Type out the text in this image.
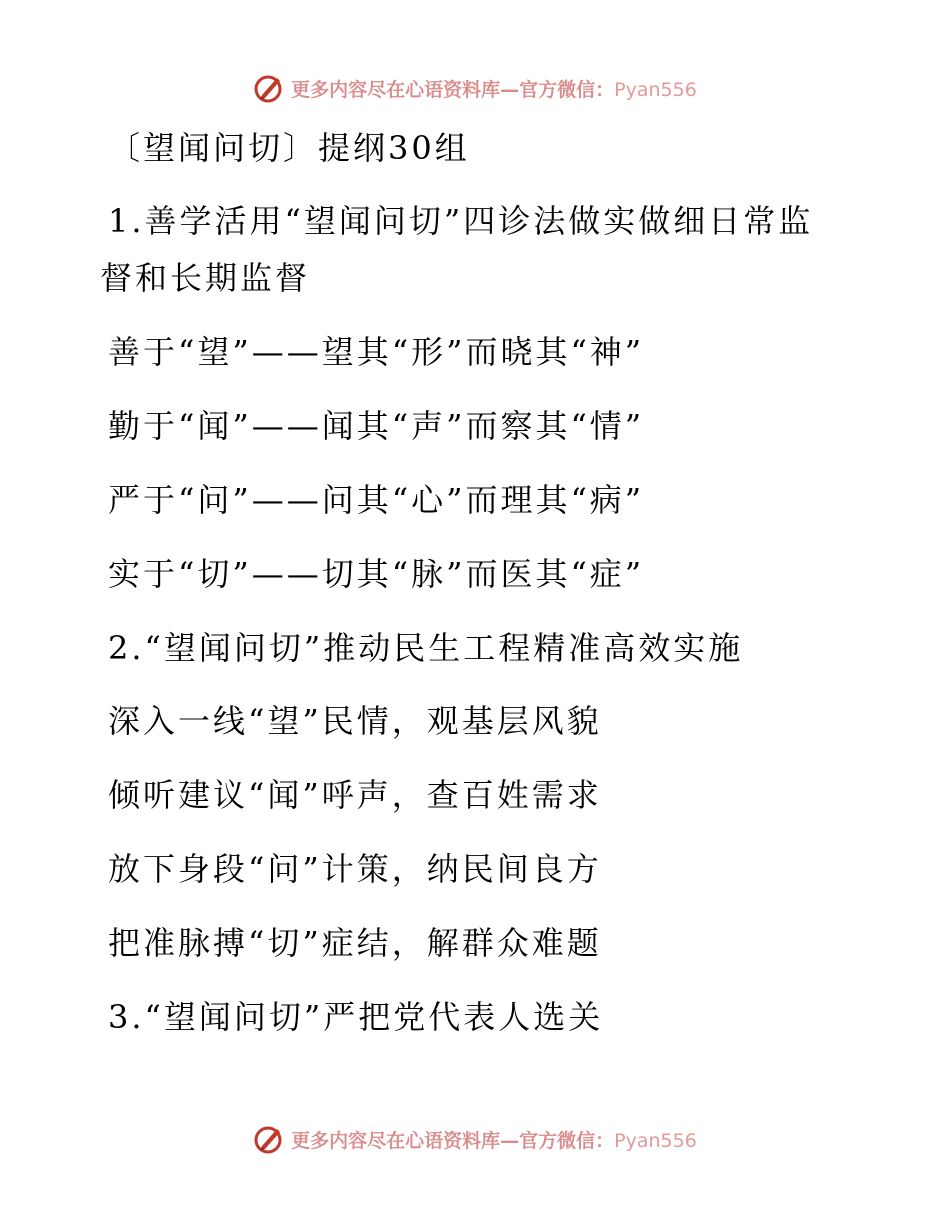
更多内容尽在心语资料库—官方微信：Pyan556
〔望闻问切〕提纲30组
1.善学活用“望闻问切”四诊法做实做细日常监
督和长期监督
善于“望”——望其“形”而晓其“神”
勤于“闻”——闻其“声”而察其“情”
严于“问”——问其“心”而理其“病”
实于“切”——切其“脉”而医其“症”
2.“望闻问切”推动民生工程精准高效实施
深入一线“望”民情，观基层风貌
倾听建议“闻”呼声，查百姓需求
放下身段“问”计策，纳民间良方
把准脉搏“切”症结，解群众难题
3.“望闻问切”严把党代表人选关
更多内容尽在心语资料库—官方微信：Pyan556
